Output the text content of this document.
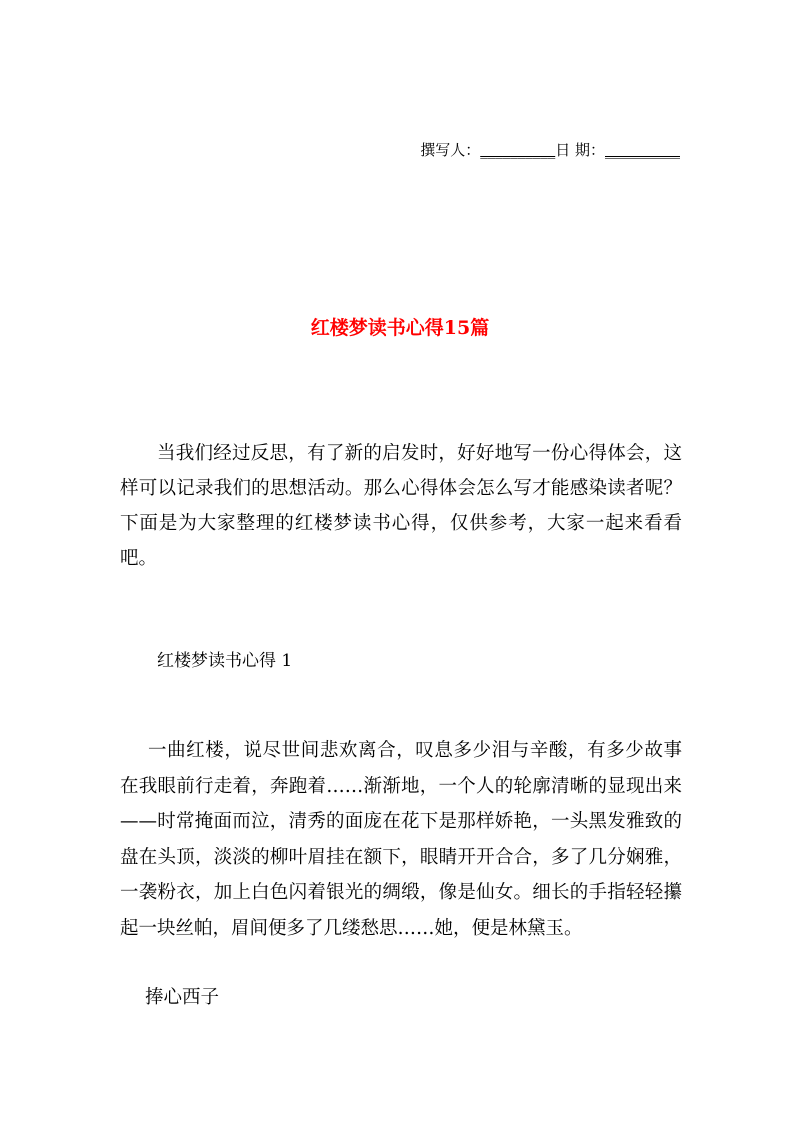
撰写人：__________日 期：__________
红楼梦读书心得15篇

当我们经过反思，有了新的启发时，好好地写一份心得体会，这样可以记录我们的思想活动。那么心得体会怎么写才能感染读者呢？下面是为大家整理的红楼梦读书心得，仅供参考，大家一起来看看吧。

红楼梦读书心得 1

一曲红楼，说尽世间悲欢离合，叹息多少泪与辛酸，有多少故事在我眼前行走着，奔跑着……渐渐地，一个人的轮廓清晰的显现出来——时常掩面而泣，清秀的面庞在花下是那样娇艳，一头黑发雅致的盘在头顶，淡淡的柳叶眉挂在额下，眼睛开开合合，多了几分娴雅，一袭粉衣，加上白色闪着银光的绸缎，像是仙女。细长的手指轻轻攥起一块丝帕，眉间便多了几缕愁思……她，便是林黛玉。

捧心西子
